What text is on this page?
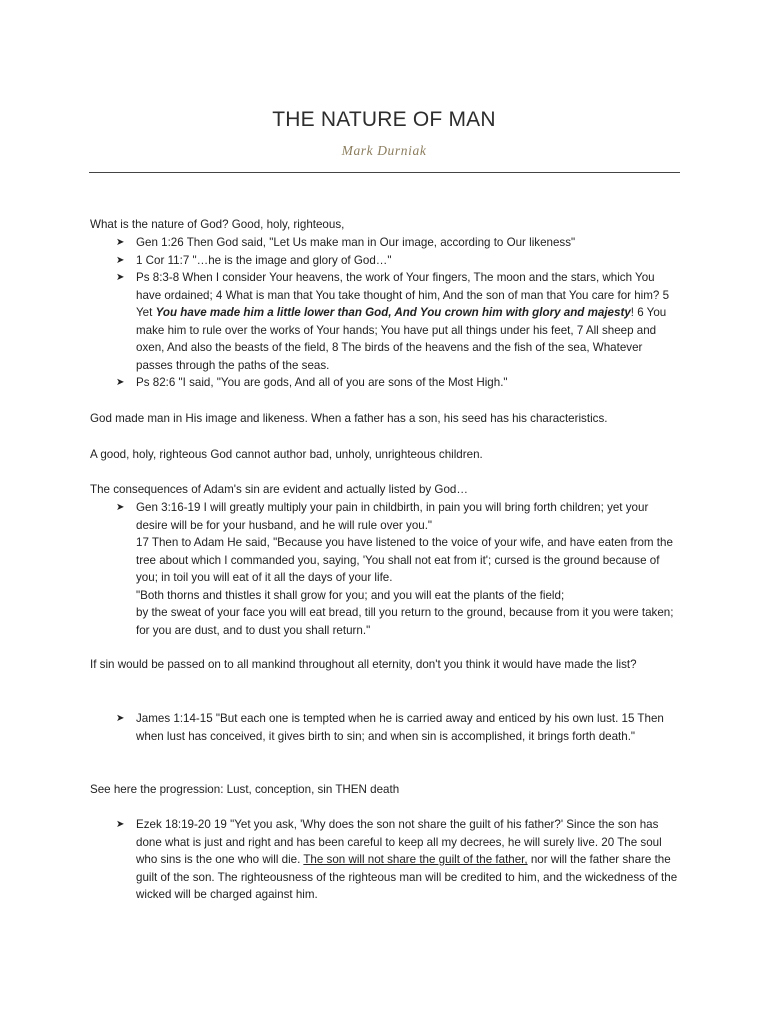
THE NATURE OF MAN
Mark Durniak

What is the nature of God? Good, holy, righteous,

➤ Gen 1:26 Then God said, "Let Us make man in Our image, according to Our likeness"
➤ 1 Cor 11:7 "…he is the image and glory of God…"
➤ Ps 8:3-8 When I consider Your heavens, the work of Your fingers, The moon and the stars, which You have ordained; 4 What is man that You take thought of him, And the son of man that You care for him? 5 Yet You have made him a little lower than God, And You crown him with glory and majesty! 6 You make him to rule over the works of Your hands; You have put all things under his feet, 7 All sheep and oxen, And also the beasts of the field, 8 The birds of the heavens and the fish of the sea, Whatever passes through the paths of the seas.
➤ Ps 82:6 "I said, "You are gods, And all of you are sons of the Most High."

God made man in His image and likeness. When a father has a son, his seed has his characteristics.

A good, holy, righteous God cannot author bad, unholy, unrighteous children.

The consequences of Adam's sin are evident and actually listed by God…

➤ Gen 3:16-19 I will greatly multiply your pain in childbirth, in pain you will bring forth children; yet your desire will be for your husband, and he will rule over you."
17 Then to Adam He said, "Because you have listened to the voice of your wife, and have eaten from the tree about which I commanded you, saying, 'You shall not eat from it'; cursed is the ground because of you; in toil you will eat of it all the days of your life.
"Both thorns and thistles it shall grow for you; and you will eat the plants of the field;
by the sweat of your face you will eat bread, till you return to the ground, because from it you were taken; for you are dust, and to dust you shall return."

If sin would be passed on to all mankind throughout all eternity, don't you think it would have made the list?

➤ James 1:14-15 "But each one is tempted when he is carried away and enticed by his own lust. 15 Then when lust has conceived, it gives birth to sin; and when sin is accomplished, it brings forth death."

See here the progression: Lust, conception, sin THEN death

➤ Ezek 18:19-20 19 "Yet you ask, 'Why does the son not share the guilt of his father?' Since the son has done what is just and right and has been careful to keep all my decrees, he will surely live. 20 The soul who sins is the one who will die. The son will not share the guilt of the father, nor will the father share the guilt of the son. The righteousness of the righteous man will be credited to him, and the wickedness of the wicked will be charged against him.
